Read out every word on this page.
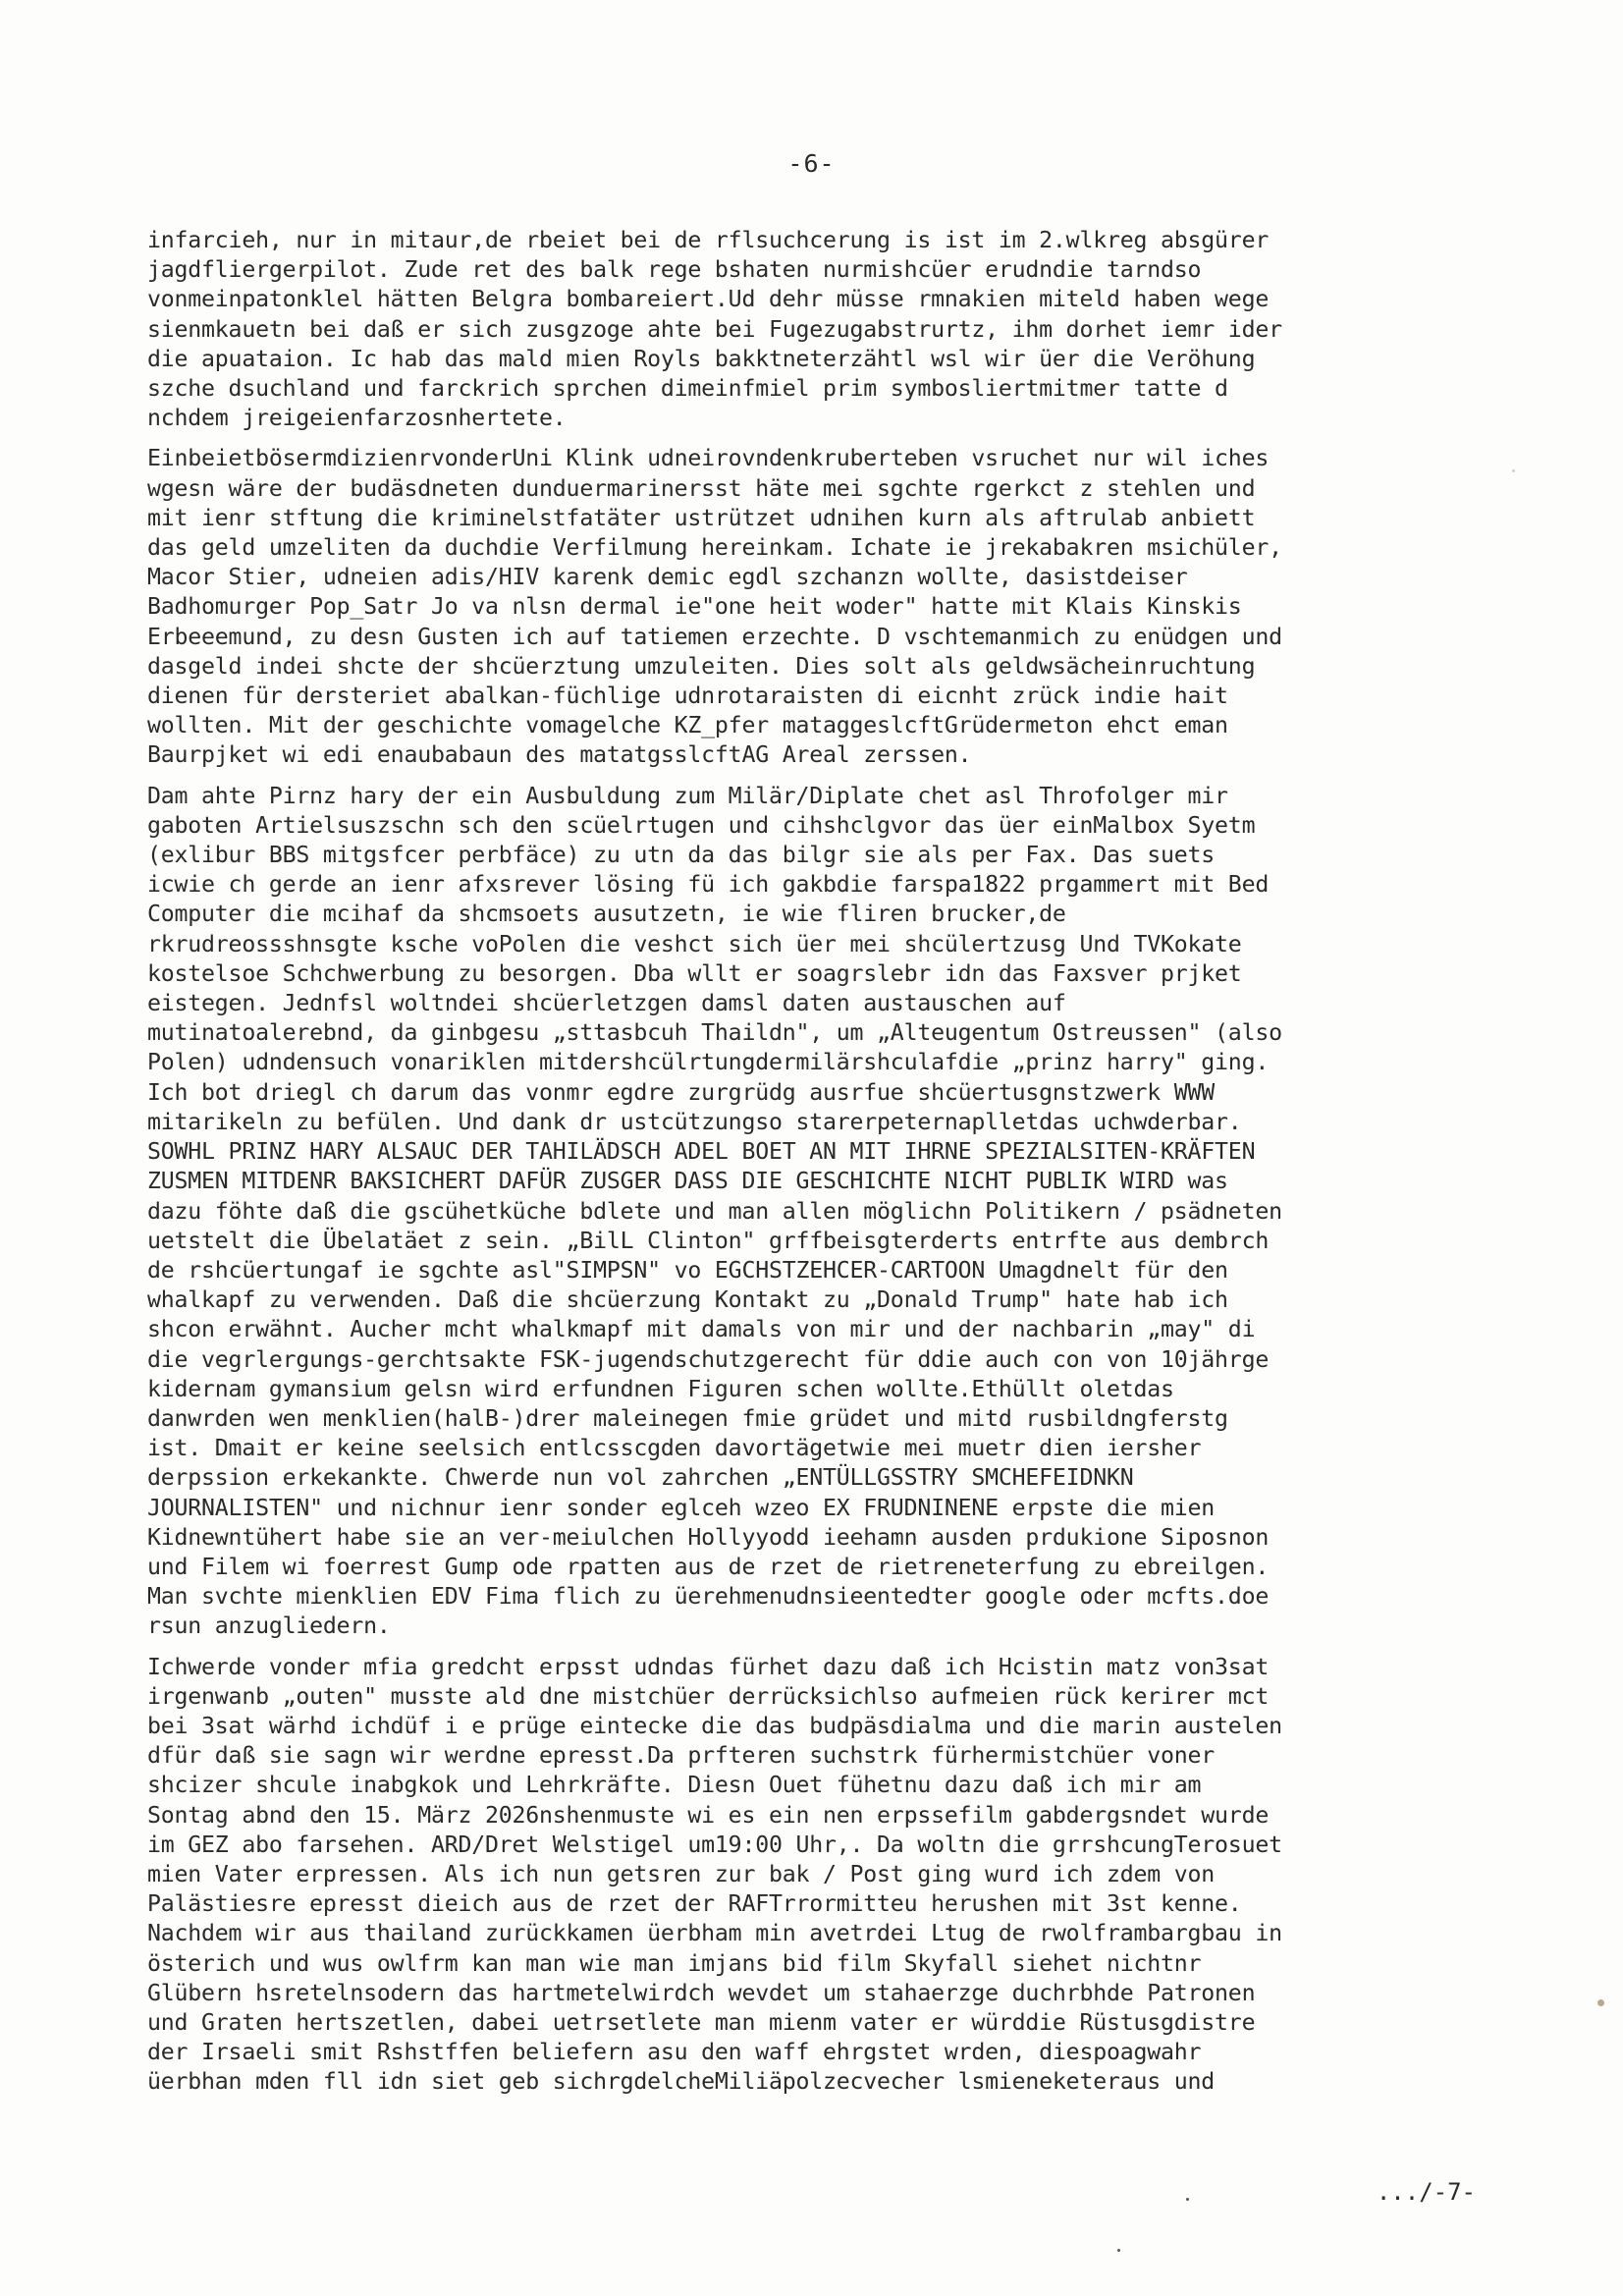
-6-
infarcieh, nur in mitaur,de rbeiet bei de rflsuchcerung is ist im 2.wlkreg absgürer
jagdfliergerpilot. Zude ret des balk rege bshaten nurmishcüer erudndie tarndso
vonmeinpatonklel hätten Belgra bombareiert.Ud dehr müsse rmnakien miteld haben wege
sienmkauetn bei daß er sich zusgzoge ahte bei Fugezugabstrurtz, ihm dorhet iemr ider
die apuataion. Ic hab das mald mien Royls bakktneterzähtl wsl wir üer die Veröhung
szche dsuchland und farckrich sprchen dimeinfmiel prim symbosliertmitmer tatte d
nchdem jreigeienfarzosnhertete.
EinbeietbösermdizienrvonderUni Klink udneirovndenkruberteben vsruchet nur wil iches
wgesn wäre der budäsdneten dunduermarinersst häte mei sgchte rgerkct z stehlen und
mit ienr stftung die kriminelstfatäter ustrützet udnihen kurn als aftrulab anbiett
das geld umzeliten da duchdie Verfilmung hereinkam. Ichate ie jrekabakren msichüler,
Macor Stier, udneien adis/HIV karenk demic egdl szchanzn wollte, dasistdeiser
Badhomurger Pop_Satr Jo va nlsn dermal ie"one heit woder" hatte mit Klais Kinskis
Erbeeemund, zu desn Gusten ich auf tatiemen erzechte. D vschtemanmich zu enüdgen und
dasgeld indei shcte der shcüerztung umzuleiten. Dies solt als geldwsächeinruchtung
dienen für dersteriet abalkan-füchlige udnrotaraisten di eicnht zrück indie hait
wollten. Mit der geschichte vomagelche KZ_pfer mataggeslcftGrüdermeton ehct eman
Baurpjket wi edi enaubabaun des matatgsslcftAG Areal zerssen.
Dam ahte Pirnz hary der ein Ausbuldung zum Milär/Diplate chet asl Throfolger mir
gaboten Artielsuszschn sch den scüelrtugen und cihshclgvor das üer einMalbox Syetm
(exlibur BBS mitgsfcer perbfäce) zu utn da das bilgr sie als per Fax. Das suets
icwie ch gerde an ienr afxsrever lösing fü ich gakbdie farspa1822 prgammert mit Bed
Computer die mcihaf da shcmsoets ausutzetn, ie wie fliren brucker,de
rkrudreossshnsgte ksche voPolen die veshct sich üer mei shcülertzusg Und TVKokate
kostelsoe Schchwerbung zu besorgen. Dba wllt er soagrslebr idn das Faxsver prjket
eistegen. Jednfsl woltndei shcüerletzgen damsl daten austauschen auf
mutinatoalerebnd, da ginbgesu „sttasbcuh Thaildn", um „Alteugentum Ostreussen" (also
Polen) udndensuch vonariklen mitdershcülrtungdermilärshculafdie „prinz harry" ging.
Ich bot driegl ch darum das vonmr egdre zurgrüdg ausrfue shcüertusgnstzwerk WWW
mitarikeln zu befülen. Und dank dr ustcützungso starerpeternaplletdas uchwderbar.
SOWHL PRINZ HARY ALSAUC DER TAHILÄDSCH ADEL BOET AN MIT IHRNE SPEZIALSITEN-KRÄFTEN
ZUSMEN MITDENR BAKSICHERT DAFÜR ZUSGER DASS DIE GESCHICHTE NICHT PUBLIK WIRD was
dazu föhte daß die gscühetküche bdlete und man allen möglichn Politikern / psädneten
uetstelt die Übelatäet z sein. „BilL Clinton" grffbeisgterderts entrfte aus dembrch
de rshcüertungaf ie sgchte asl"SIMPSN" vo EGCHSTZEHCER-CARTOON Umagdnelt für den
whalkapf zu verwenden. Daß die shcüerzung Kontakt zu „Donald Trump" hate hab ich
shcon erwähnt. Aucher mcht whalkmapf mit damals von mir und der nachbarin „may" di
die vegrlergungs-gerchtsakte FSK-jugendschutzgerecht für ddie auch con von 10jährge
kidernam gymansium gelsn wird erfundnen Figuren schen wollte.Ethüllt oletdas
danwrden wen menklien(halB-)drer maleinegen fmie grüdet und mitd rusbildngferstg
ist. Dmait er keine seelsich entlcsscgden davortägetwie mei muetr dien iersher
derpssion erkekankte. Chwerde nun vol zahrchen „ENTÜLLGSSTRY SMCHEFEIDNKN
JOURNALISTEN" und nichnur ienr sonder eglceh wzeo EX FRUDNINENE erpste die mien
Kidnewntühert habe sie an ver-meiulchen Hollyyodd ieehamn ausden prdukione Siposnon
und Filem wi foerrest Gump ode rpatten aus de rzet de rietreneterfung zu ebreilgen.
Man svchte mienklien EDV Fima flich zu üerehmenudnsieentedter google oder mcfts.doe
rsun anzugliedern.
Ichwerde vonder mfia gredcht erpsst udndas fürhet dazu daß ich Hcistin matz von3sat
irgenwanb „outen" musste ald dne mistchüer derrücksichlso aufmeien rück kerirer mct
bei 3sat wärhd ichdüf i e prüge eintecke die das budpäsdialma und die marin austelen
dfür daß sie sagn wir werdne epresst.Da prfteren suchstrk fürhermistchüer voner
shcizer shcule inabgkok und Lehrkräfte. Diesn Ouet fühetnu dazu daß ich mir am
Sontag abnd den 15. März 2026nshenmuste wi es ein nen erpssefilm gabdergsndet wurde
im GEZ abo farsehen. ARD/Dret Welstigel um19:00 Uhr,. Da woltn die grrshcungTerosuet
mien Vater erpressen. Als ich nun getsren zur bak / Post ging wurd ich zdem von
Palästiesre epresst dieich aus de rzet der RAFTrrormitteu herushen mit 3st kenne.
Nachdem wir aus thailand zurückkamen üerbham min avetrdei Ltug de rwolframbargbau in
österich und wus owlfrm kan man wie man imjans bid film Skyfall siehet nichtnr
Glübern hsretelnsodern das hartmetelwirdch wevdet um stahaerzge duchrbhde Patronen
und Graten hertszetlen, dabei uetrsetlete man mienm vater er würddie Rüstusgdistre
der Irsaeli smit Rshstffen beliefern asu den waff ehrgstet wrden, diespoagwahr
üerbhan mden fll idn siet geb sichrgdelcheMiliäpolzecvecher lsmieneketeraus und
.../-7-
